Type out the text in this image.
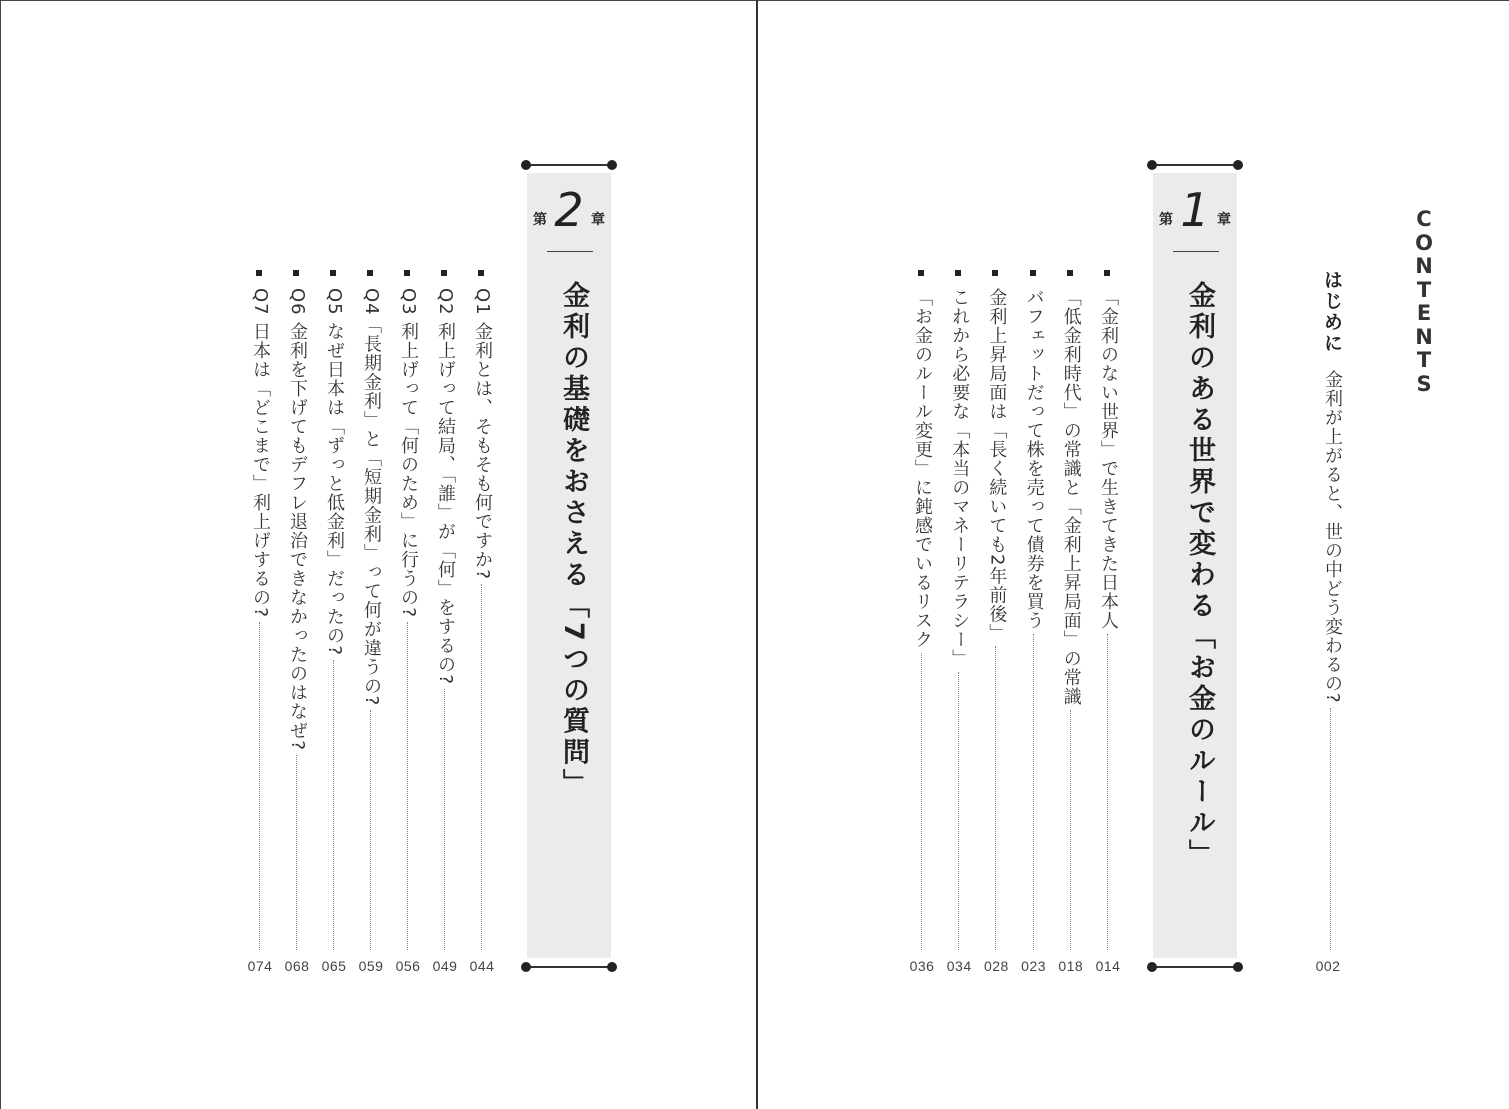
C
O
N
T
E
N
T
S
はじめに
金利が上がると、世の中どう変わるの?
002
第 1 章
金利のある世界で変わる「お金のルール」
「金利のない世界」で生きてきた日本人
014
「低金利時代」の常識と「金利上昇局面」の常識
018
バフェットだって株を売って債券を買う
023
金利上昇局面は「長く続いても2年前後」
028
これから必要な「本当のマネーリテラシー」
034
「お金のルール変更」に鈍感でいるリスク
036
第 2 章
金利の基礎をおさえる「7つの質問」
Q1 金利とは、そもそも何ですか?
044
Q2 利上げって結局、「誰」が「何」をするの?
049
Q3 利上げって「何のため」に行うの?
056
Q4「長期金利」と「短期金利」って何が違うの?
059
Q5 なぜ日本は「ずっと低金利」だったの?
065
Q6 金利を下げてもデフレ退治できなかったのはなぜ?
068
Q7 日本は「どこまで」利上げするの?
074
